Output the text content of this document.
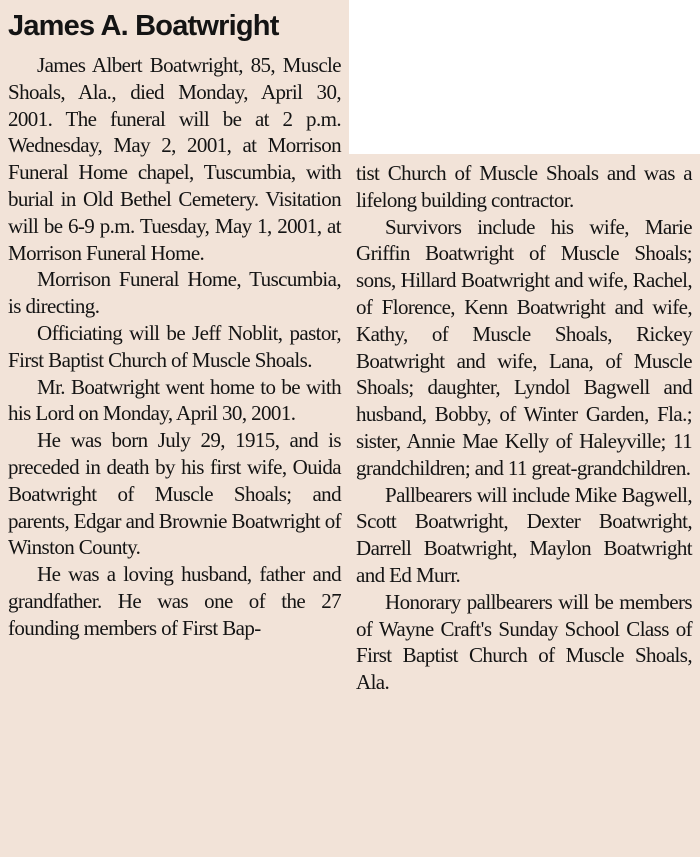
James A. Boatwright

James Albert Boatwright, 85, Muscle Shoals, Ala., died Monday, April 30, 2001. The funeral will be at 2 p.m. Wednesday, May 2, 2001, at Morrison Funeral Home chapel, Tuscumbia, with burial in Old Bethel Cemetery. Visitation will be 6-9 p.m. Tuesday, May 1, 2001, at Morrison Funeral Home.

Morrison Funeral Home, Tuscumbia, is directing.

Officiating will be Jeff Noblit, pastor, First Baptist Church of Muscle Shoals.

Mr. Boatwright went home to be with his Lord on Monday, April 30, 2001.

He was born July 29, 1915, and is preceded in death by his first wife, Ouida Boatwright of Muscle Shoals; and parents, Edgar and Brownie Boatwright of Winston County.

He was a loving husband, father and grandfather. He was one of the 27 founding members of First Bap-

tist Church of Muscle Shoals and was a lifelong building contractor.

Survivors include his wife, Marie Griffin Boatwright of Muscle Shoals; sons, Hillard Boatwright and wife, Rachel, of Florence, Kenn Boatwright and wife, Kathy, of Muscle Shoals, Rickey Boatwright and wife, Lana, of Muscle Shoals; daughter, Lyndol Bagwell and husband, Bobby, of Winter Garden, Fla.; sister, Annie Mae Kelly of Haleyville; 11 grandchildren; and 11 great-grandchildren.

Pallbearers will include Mike Bagwell, Scott Boatwright, Dexter Boatwright, Darrell Boatwright, Maylon Boatwright and Ed Murr.

Honorary pallbearers will be members of Wayne Craft's Sunday School Class of First Baptist Church of Muscle Shoals, Ala.
